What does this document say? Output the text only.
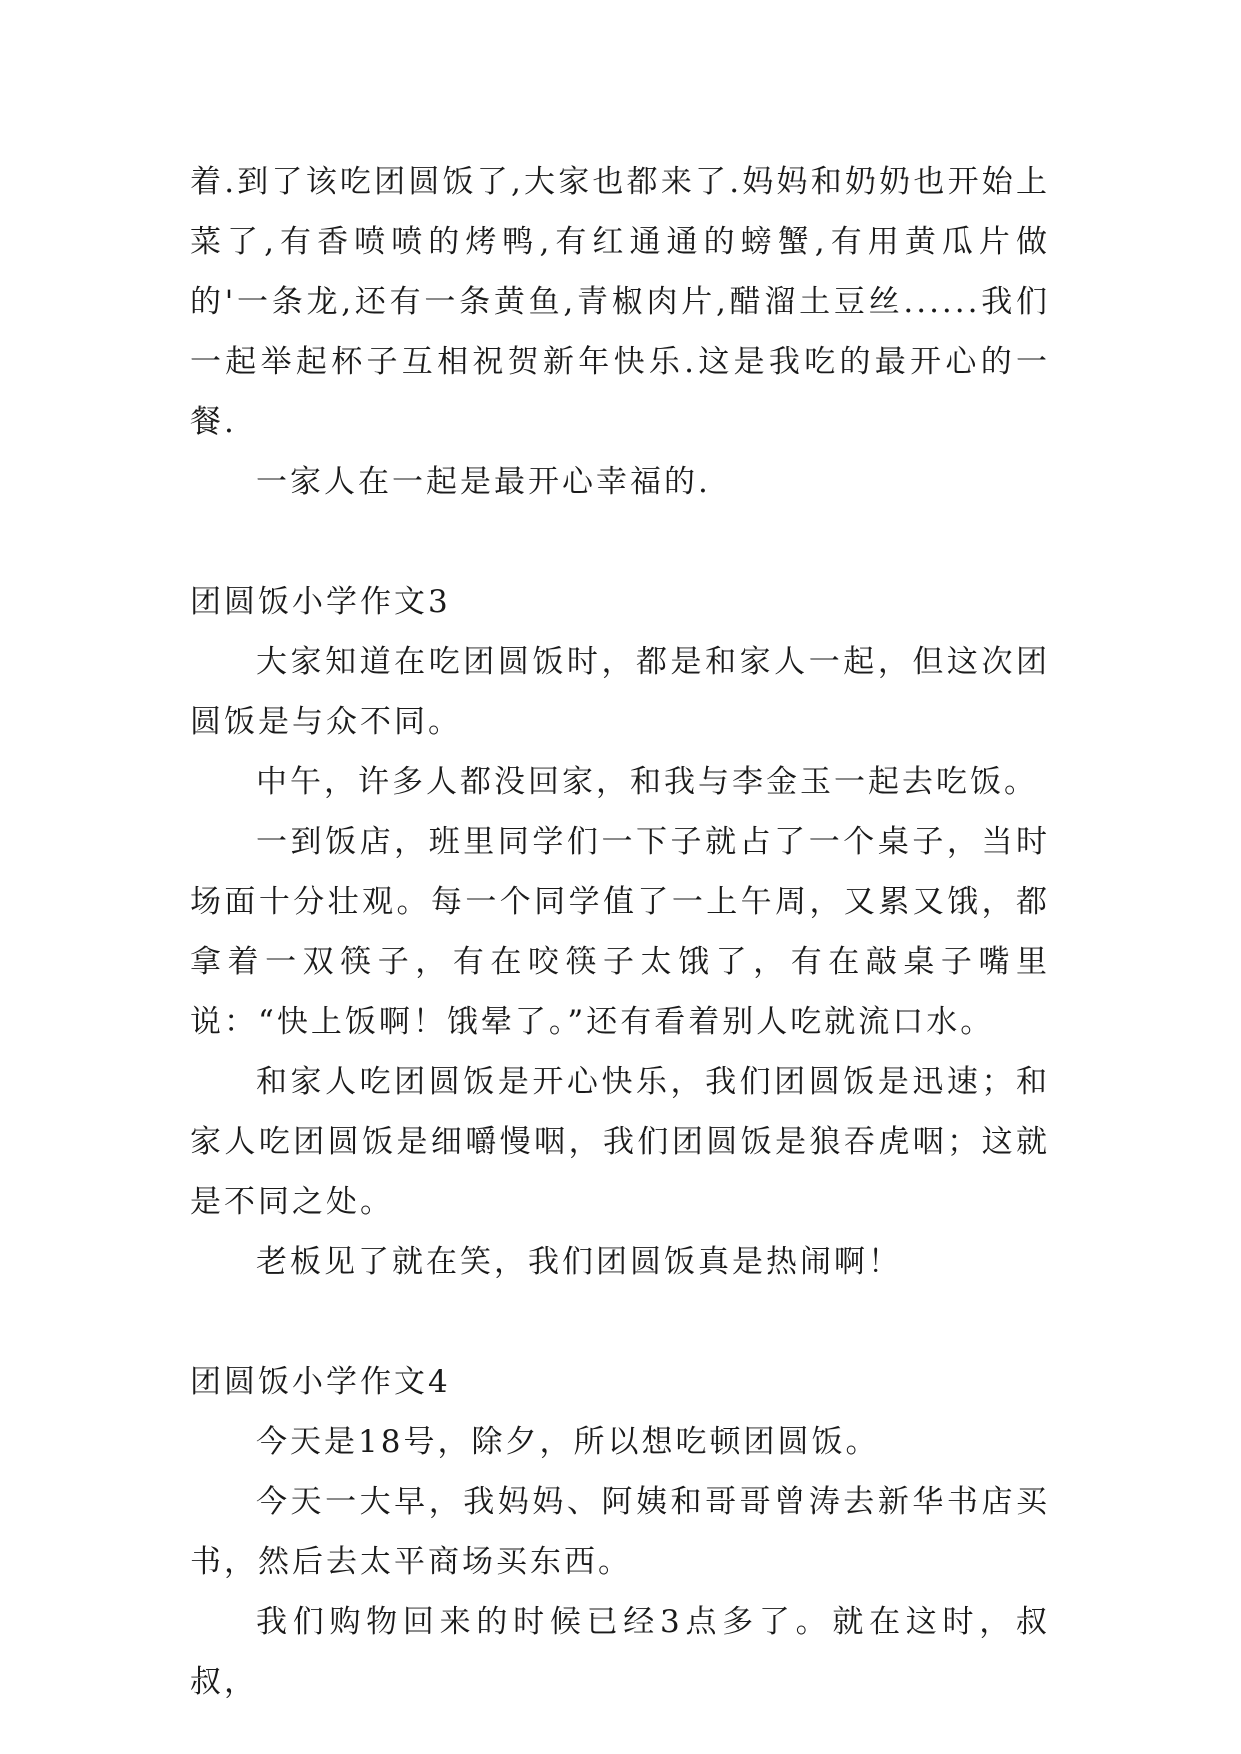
着.到了该吃团圆饭了,大家也都来了.妈妈和奶奶也开始上菜了,有香喷喷的烤鸭,有红通通的螃蟹,有用黄瓜片做的'一条龙,还有一条黄鱼,青椒肉片,醋溜土豆丝......我们一起举起杯子互相祝贺新年快乐.这是我吃的最开心的一餐.

一家人在一起是最开心幸福的.

团圆饭小学作文3

大家知道在吃团圆饭时，都是和家人一起，但这次团圆饭是与众不同。

中午，许多人都没回家，和我与李金玉一起去吃饭。

一到饭店，班里同学们一下子就占了一个桌子，当时场面十分壮观。每一个同学值了一上午周，又累又饿，都拿着一双筷子，有在咬筷子太饿了，有在敲桌子嘴里说：“快上饭啊！饿晕了。”还有看着别人吃就流口水。

和家人吃团圆饭是开心快乐，我们团圆饭是迅速；和家人吃团圆饭是细嚼慢咽，我们团圆饭是狼吞虎咽；这就是不同之处。

老板见了就在笑，我们团圆饭真是热闹啊！

团圆饭小学作文4

今天是18号，除夕，所以想吃顿团圆饭。

今天一大早，我妈妈、阿姨和哥哥曾涛去新华书店买书，然后去太平商场买东西。

我们购物回来的时候已经3点多了。就在这时，叔叔，
